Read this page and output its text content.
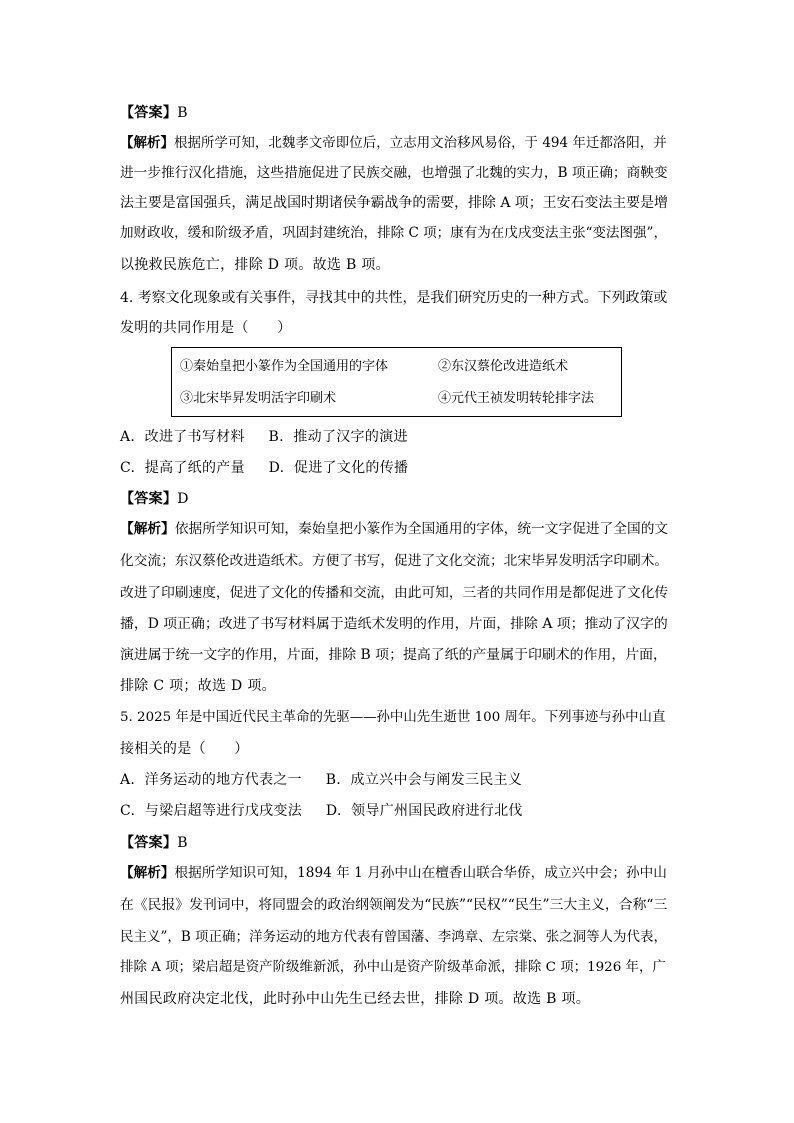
【答案】B
【解析】根据所学可知，北魏孝文帝即位后，立志用文治移风易俗，于 494 年迁都洛阳，并
进一步推行汉化措施，这些措施促进了民族交融，也增强了北魏的实力，B 项正确；商鞅变
法主要是富国强兵，满足战国时期诸侯争霸战争的需要，排除 A 项；王安石变法主要是增
加财政收，缓和阶级矛盾，巩固封建统治，排除 C 项；康有为在戊戌变法主张“变法图强”，
以挽救民族危亡，排除 D 项。故选 B 项。
4. 考察文化现象或有关事件，寻找其中的共性，是我们研究历史的一种方式。下列政策或
发明的共同作用是（　　）
①秦始皇把小篆作为全国通用的字体	②东汉蔡伦改进造纸术
③北宋毕昇发明活字印刷术	④元代王祯发明转轮排字法
A.  改进了书写材料     B.  推动了汉字的演进
C.  提高了纸的产量     D.  促进了文化的传播
【答案】D
【解析】依据所学知识可知，秦始皇把小篆作为全国通用的字体，统一文字促进了全国的文
化交流；东汉蔡伦改进造纸术。方便了书写，促进了文化交流；北宋毕昇发明活字印刷术。
改进了印刷速度，促进了文化的传播和交流，由此可知，三者的共同作用是都促进了文化传
播，D 项正确；改进了书写材料属于造纸术发明的作用，片面，排除 A 项；推动了汉字的
演进属于统一文字的作用，片面，排除 B 项；提高了纸的产量属于印刷术的作用，片面，
排除 C 项；故选 D 项。
5. 2025 年是中国近代民主革命的先驱——孙中山先生逝世 100 周年。下列事迹与孙中山直
接相关的是（　　）
A.  洋务运动的地方代表之一     B.  成立兴中会与阐发三民主义
C.  与梁启超等进行戊戌变法     D.  领导广州国民政府进行北伐
【答案】B
【解析】根据所学知识可知，1894 年 1 月孙中山在檀香山联合华侨，成立兴中会；孙中山
在《民报》发刊词中，将同盟会的政治纲领阐发为“民族”“民权”“民生”三大主义，合称“三
民主义”，B 项正确；洋务运动的地方代表有曾国藩、李鸿章、左宗棠、张之洞等人为代表，
排除 A 项；梁启超是资产阶级维新派，孙中山是资产阶级革命派，排除 C 项；1926 年，广
州国民政府决定北伐，此时孙中山先生已经去世，排除 D 项。故选 B 项。
